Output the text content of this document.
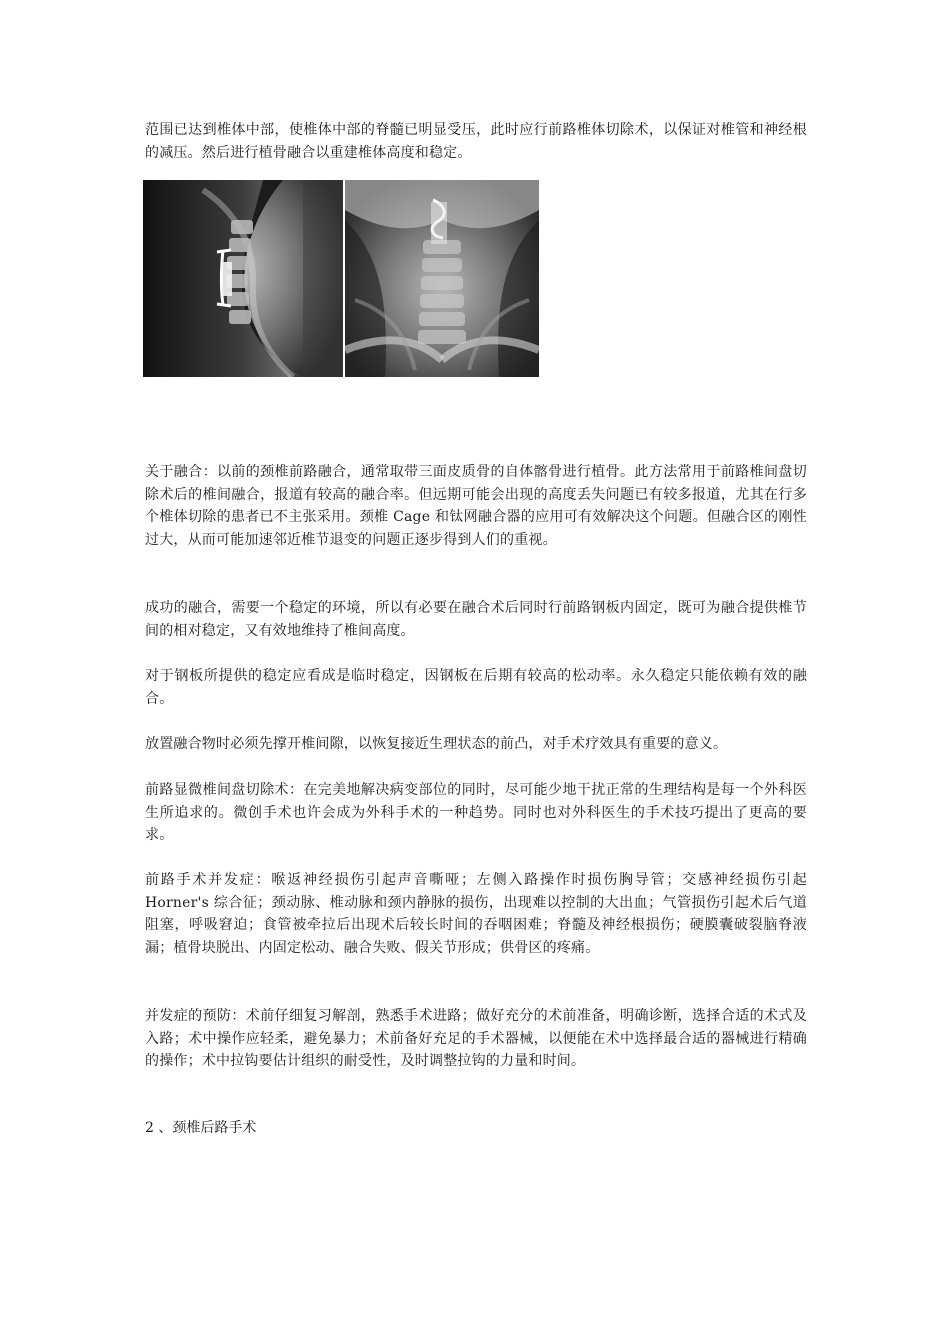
范围已达到椎体中部，使椎体中部的脊髓已明显受压，此时应行前路椎体切除术，以保证对椎管和神经根的减压。然后进行植骨融合以重建椎体高度和稳定。

关于融合：以前的颈椎前路融合，通常取带三面皮质骨的自体髂骨进行植骨。此方法常用于前路椎间盘切除术后的椎间融合，报道有较高的融合率。但远期可能会出现的高度丢失问题已有较多报道，尤其在行多个椎体切除的患者已不主张采用。颈椎 Cage 和钛网融合器的应用可有效解决这个问题。但融合区的刚性过大，从而可能加速邻近椎节退变的问题正逐步得到人们的重视。

成功的融合，需要一个稳定的环境，所以有必要在融合术后同时行前路钢板内固定，既可为融合提供椎节间的相对稳定，又有效地维持了椎间高度。

对于钢板所提供的稳定应看成是临时稳定，因钢板在后期有较高的松动率。永久稳定只能依赖有效的融合。

放置融合物时必须先撑开椎间隙，以恢复接近生理状态的前凸，对手术疗效具有重要的意义。

前路显微椎间盘切除术：在完美地解决病变部位的同时，尽可能少地干扰正常的生理结构是每一个外科医生所追求的。微创手术也许会成为外科手术的一种趋势。同时也对外科医生的手术技巧提出了更高的要求。

前路手术并发症：喉返神经损伤引起声音嘶哑；左侧入路操作时损伤胸导管；交感神经损伤引起 Horner's 综合征；颈动脉、椎动脉和颈内静脉的损伤，出现难以控制的大出血；气管损伤引起术后气道阻塞，呼吸窘迫；食管被牵拉后出现术后较长时间的吞咽困难；脊髓及神经根损伤；硬膜囊破裂脑脊液漏；植骨块脱出、内固定松动、融合失败、假关节形成；供骨区的疼痛。

并发症的预防：术前仔细复习解剖，熟悉手术进路；做好充分的术前准备，明确诊断，选择合适的术式及入路；术中操作应轻柔，避免暴力；术前备好充足的手术器械，以便能在术中选择最合适的器械进行精确的操作；术中拉钩要估计组织的耐受性，及时调整拉钩的力量和时间。

2 、颈椎后路手术
